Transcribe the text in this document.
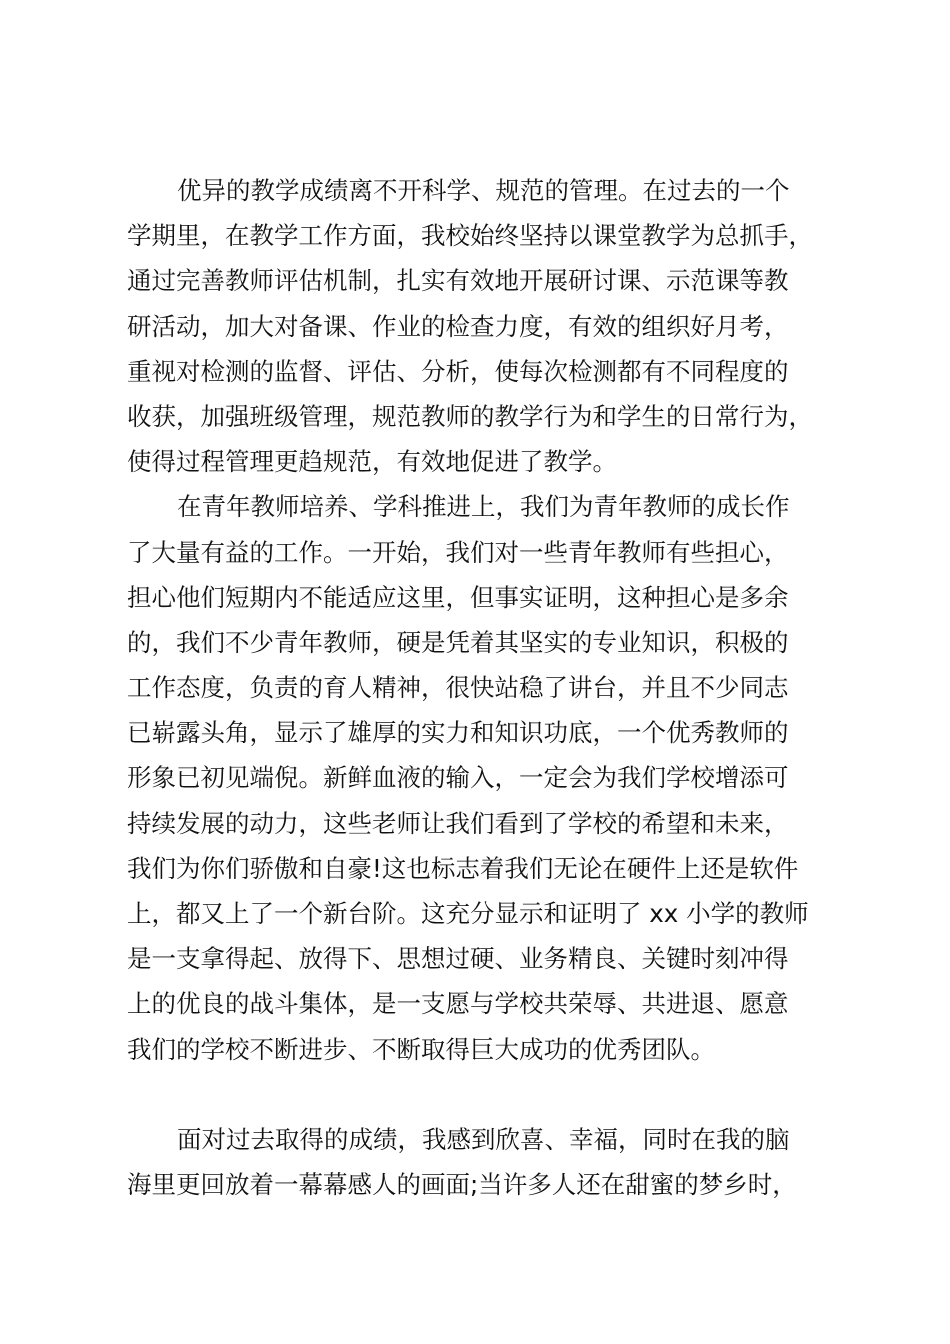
优异的教学成绩离不开科学、规范的管理。在过去的一个
学期里，在教学工作方面，我校始终坚持以课堂教学为总抓手，
通过完善教师评估机制，扎实有效地开展研讨课、示范课等教
研活动，加大对备课、作业的检查力度，有效的组织好月考，
重视对检测的监督、评估、分析，使每次检测都有不同程度的
收获，加强班级管理，规范教师的教学行为和学生的日常行为，
使得过程管理更趋规范，有效地促进了教学。
在青年教师培养、学科推进上，我们为青年教师的成长作
了大量有益的工作。一开始，我们对一些青年教师有些担心，
担心他们短期内不能适应这里，但事实证明，这种担心是多余
的，我们不少青年教师，硬是凭着其坚实的专业知识，积极的
工作态度，负责的育人精神，很快站稳了讲台，并且不少同志
已崭露头角，显示了雄厚的实力和知识功底，一个优秀教师的
形象已初见端倪。新鲜血液的输入，一定会为我们学校增添可
持续发展的动力，这些老师让我们看到了学校的希望和未来，
我们为你们骄傲和自豪!这也标志着我们无论在硬件上还是软件
上，都又上了一个新台阶。这充分显示和证明了 xx 小学的教师
是一支拿得起、放得下、思想过硬、业务精良、关键时刻冲得
上的优良的战斗集体，是一支愿与学校共荣辱、共进退、愿意
我们的学校不断进步、不断取得巨大成功的优秀团队。
面对过去取得的成绩，我感到欣喜、幸福，同时在我的脑
海里更回放着一幕幕感人的画面;当许多人还在甜蜜的梦乡时，
